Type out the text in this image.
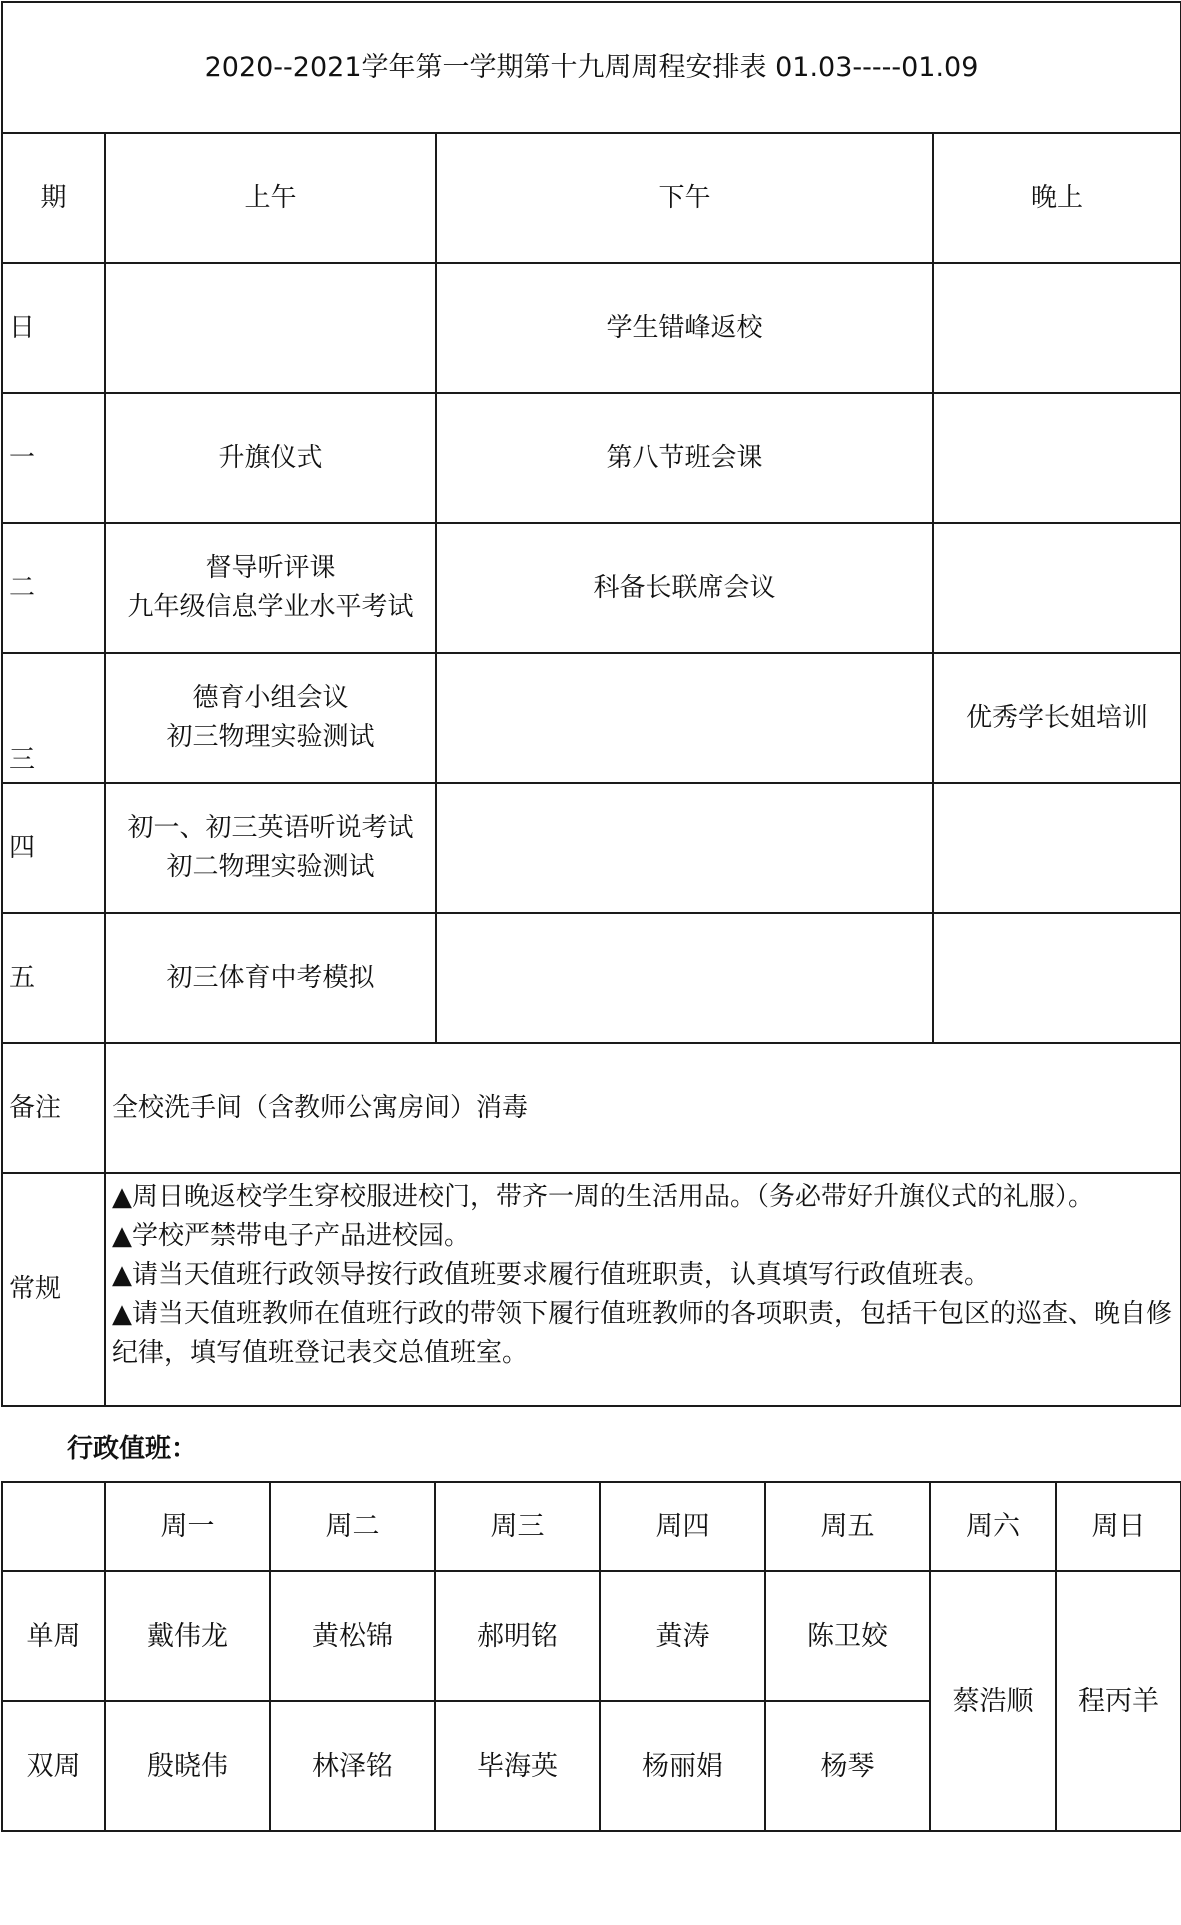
2020--2021学年第一学期第十九周周程安排表 01.03-----01.09			
期	上午	下午	晚上
日		学生错峰返校	

一	升旗仪式	第八节班会课	

二	督导听评课
九年级信息学业水平考试	科备长联席会议	

三	德育小组会议
初三物理实验测试		优秀学长姐培训

四	初一、初三英语听说考试
初二物理实验测试		

五	初三体育中考模拟		

备注	全校洗手间（含教师公寓房间）消毒		
常规	▲周日晚返校学生穿校服进校门，带齐一周的生活用品。（务必带好升旗仪式的礼服）。
▲学校严禁带电子产品进校园。
▲请当天值班行政领导按行政值班要求履行值班职责，认真填写行政值班表。
▲请当天值班教师在值班行政的带领下履行值班教师的各项职责，包括干包区的巡查、晚自修纪律，填写值班登记表交总值班室。		
行政值班：
	周一	周二	周三	周四	周五	周六	周日
单周	戴伟龙	黄松锦	郝明铭	黄涛	陈卫姣	蔡浩顺	程丙羊
双周	殷晓伟	林泽铭	毕海英	杨丽娟	杨琴		
